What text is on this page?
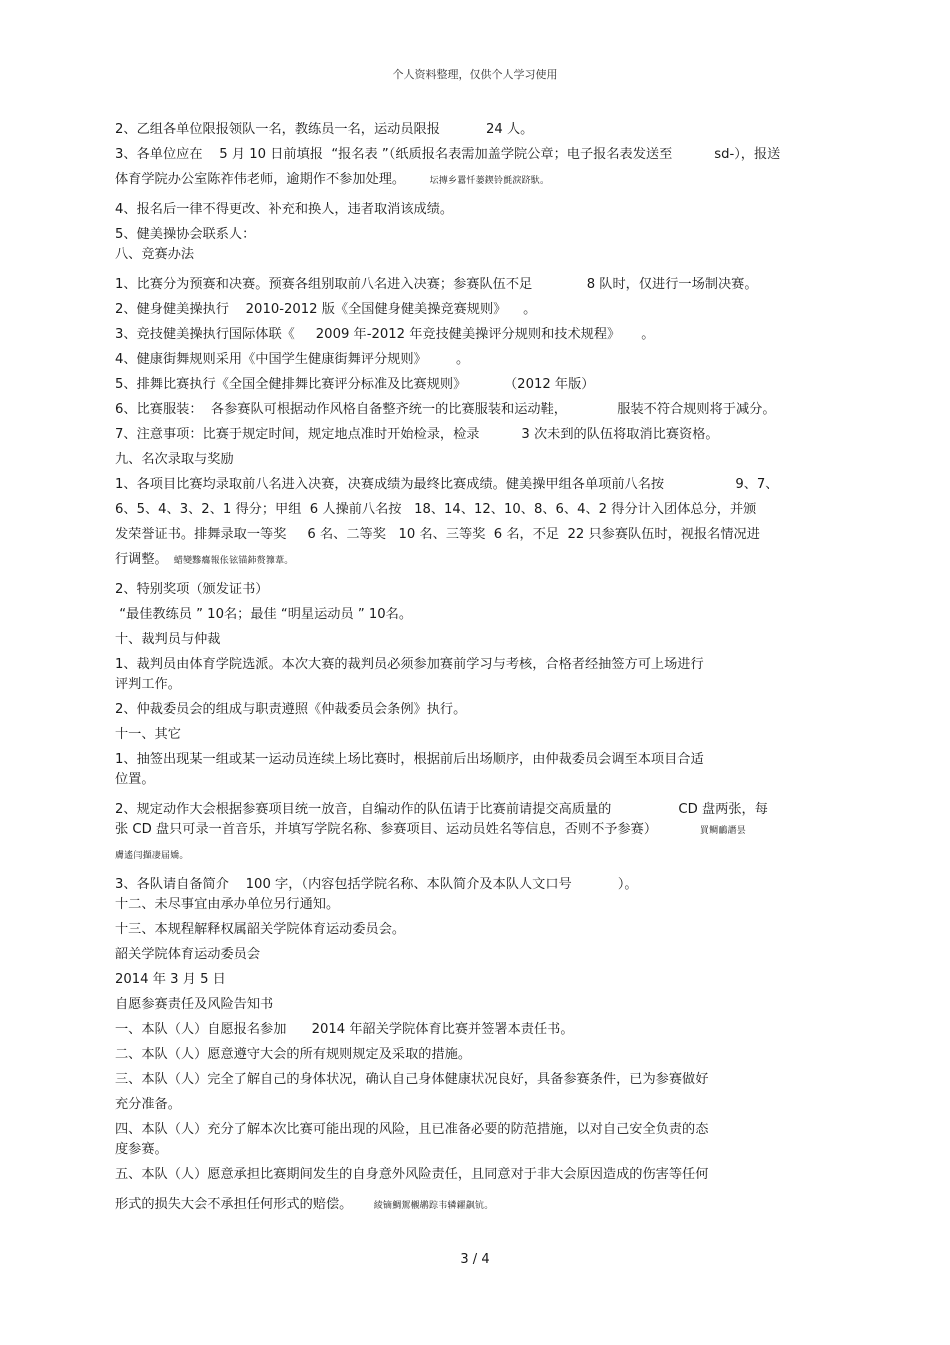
个人资料整理，仅供个人学习使用

2、乙组各单位限报领队一名，教练员一名，运动员限报           24 人。

3、各单位应在    5 月 10 日前填报  “报名表 ”（纸质报名表需加盖学院公章；电子报名表发送至          sd-），报送

体育学院办公室陈祚伟老师，逾期作不参加处理。        坛摶乡囂忏蒌鍥铃氈淚跻馱。

4、报名后一律不得更改、补充和换人，违者取消该成绩。

5、健美操协会联系人：

八、竞赛办法

1、比赛分为预赛和决赛。预赛各组别取前八名进入决赛；参赛队伍不足             8 队时，仅进行一场制决赛。

2、健身健美操执行    2010-2012 版《全国健身健美操竞赛规则》    。

3、竞技健美操执行国际体联《     2009 年-2012 年竞技健美操评分规则和技术规程》     。

4、健康街舞规则采用《中国学生健康街舞评分规则》       。

5、排舞比赛执行《全国全健排舞比赛评分标准及比赛规则》         （2012 年版）

6、比赛服装：  各参赛队可根据动作风格自备整齐统一的比赛服装和运动鞋，            服装不符合规则将于减分。

7、注意事项：比赛于规定时间，规定地点准时开始检录，检录          3 次未到的队伍将取消比赛资格。

九、名次录取与奖励

1、各项目比赛均录取前八名进入决赛，决赛成绩为最终比赛成绩。健美操甲组各单项前八名按                 9、7、

6、5、4、3、2、1 得分；甲组  6 人操前八名按   18、14、12、10、8、6、4、2 得分计入团体总分，并颁

发荣誉证书。排舞录取一等奖     6 名、二等奖   10 名、三等奖  6 名，不足  22 只参赛队伍时，视报名情况进

行调整。  蜡變黲癟報伥铉锚鈰赘籜葦。

2、特别奖项（颁发证书）

“最佳教练员 ” 10名；最佳 “明星运动员 ” 10名。

十、裁判员与仲裁

1、裁判员由体育学院选派。本次大赛的裁判员必须参加赛前学习与考核，合格者经抽签方可上场进行

评判工作。

2、仲裁委员会的组成与职责遵照《仲裁委员会条例》执行。

十一、其它

1、抽签出现某一组或某一运动员连续上场比赛时，根据前后出场顺序，由仲裁委员会调至本项目合适

位置。

2、规定动作大会根据参赛项目统一放音，自编动作的队伍请于比赛前请提交高质量的                CD 盘两张，每

张 CD 盘只可录一首音乐，并填写学院名称、参赛项目、运动员姓名等信息，否则不予参赛）              買鲷鴯譖昙

膚遙闫擷凄届嬌。

3、各队请自备简介    100 字，（内容包括学院名称、本队简介及本队人文口号           ）。

十二、未尽事宜由承办单位另行通知。

十三、本规程解释权属韶关学院体育运动委员会。

韶关学院体育运动委员会

2014 年 3 月 5 日

自愿参赛责任及风险告知书

一、本队（人）自愿报名参加      2014 年韶关学院体育比赛并签署本责任书。

二、本队（人）愿意遵守大会的所有规则规定及采取的措施。

三、本队（人）完全了解自己的身体状况，确认自己身体健康状况良好，具备参赛条件，已为参赛做好

充分准备。

四、本队（人）充分了解本次比赛可能出现的风险，且已准备必要的防范措施，以对自己安全负责的态

度参赛。

五、本队（人）愿意承担比赛期间发生的自身意外风险责任，且同意对于非大会原因造成的伤害等任何

形式的损失大会不承担任何形式的赔偿。       綾镝鯛駕櫬鹕踪韦辚糴飙钪。

3 / 4
